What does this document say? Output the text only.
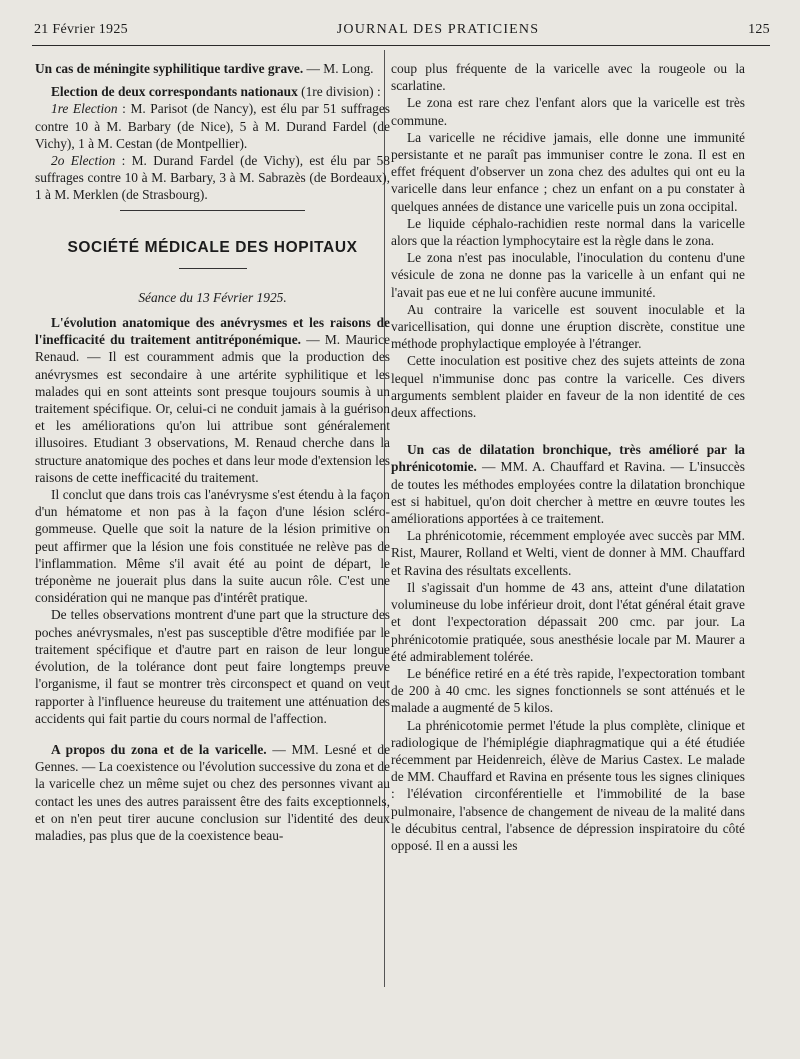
21 Février 1925	JOURNAL DES PRATICIENS	125

Un cas de méningite syphilitique tardive grave. — M. Long.

Election de deux correspondants nationaux (1re division) :

1re Election : M. Parisot (de Nancy), est élu par 51 suffrages contre 10 à M. Barbary (de Nice), 5 à M. Durand Fardel (de Vichy), 1 à M. Cestan (de Montpellier).

2o Election : M. Durand Fardel (de Vichy), est élu par 58 suffrages contre 10 à M. Barbary, 3 à M. Sabrazès (de Bordeaux), 1 à M. Merklen (de Strasbourg).

SOCIÉTÉ MÉDICALE DES HOPITAUX
Séance du 13 Février 1925.

L'évolution anatomique des anévrysmes et les raisons de l'inefficacité du traitement antitréponémique. — M. Maurice Renaud. — Il est couramment admis que la production des anévrysmes est secondaire à une artérite syphilitique et les malades qui en sont atteints sont presque toujours soumis à un traitement spécifique. Or, celui-ci ne conduit jamais à la guérison et les améliorations qu'on lui attribue sont généralement illusoires. Etudiant 3 observations, M. Renaud cherche dans la structure anatomique des poches et dans leur mode d'extension les raisons de cette inefficacité du traitement.

Il conclut que dans trois cas l'anévrysme s'est étendu à la façon d'un hématome et non pas à la façon d'une lésion scléro-gommeuse. Quelle que soit la nature de la lésion primitive on peut affirmer que la lésion une fois constituée ne relève pas de l'inflammation. Même s'il avait été au point de départ, le tréponème ne jouerait plus dans la suite aucun rôle. C'est une considération qui ne manque pas d'intérêt pratique.

De telles observations montrent d'une part que la structure des poches anévrysmales, n'est pas susceptible d'être modifiée par le traitement spécifique et d'autre part en raison de leur longue évolution, de la tolérance dont peut faire longtemps preuve l'organisme, il faut se montrer très circonspect et quand on veut rapporter à l'influence heureuse du traitement une atténuation des accidents qui fait partie du cours normal de l'affection.

A propos du zona et de la varicelle. — MM. Lesné et de Gennes. — La coexistence ou l'évolution successive du zona et de la varicelle chez un même sujet ou chez des personnes vivant au contact les unes des autres paraissent être des faits exceptionnels, et on n'en peut tirer aucune conclusion sur l'identité des deux maladies, pas plus que de la coexistence beau-

coup plus fréquente de la varicelle avec la rougeole ou la scarlatine.

Le zona est rare chez l'enfant alors que la varicelle est très commune.

La varicelle ne récidive jamais, elle donne une immunité persistante et ne paraît pas immuniser contre le zona. Il est en effet fréquent d'observer un zona chez des adultes qui ont eu la varicelle dans leur enfance ; chez un enfant on a pu constater à quelques années de distance une varicelle puis un zona occipital.

Le liquide céphalo-rachidien reste normal dans la varicelle alors que la réaction lymphocytaire est la règle dans le zona.

Le zona n'est pas inoculable, l'inoculation du contenu d'une vésicule de zona ne donne pas la varicelle à un enfant qui ne l'avait pas eue et ne lui confère aucune immunité.

Au contraire la varicelle est souvent inoculable et la varicellisation, qui donne une éruption discrète, constitue une méthode prophylactique employée à l'étranger.

Cette inoculation est positive chez des sujets atteints de zona lequel n'immunise donc pas contre la varicelle. Ces divers arguments semblent plaider en faveur de la non identité de ces deux affections.

Un cas de dilatation bronchique, très amélioré par la phrénicotomie. — MM. A. Chauffard et Ravina. — L'insuccès de toutes les méthodes employées contre la dilatation bronchique est si habituel, qu'on doit chercher à mettre en œuvre toutes les améliorations apportées à ce traitement.

La phrénicotomie, récemment employée avec succès par MM. Rist, Maurer, Rolland et Welti, vient de donner à MM. Chauffard et Ravina des résultats excellents.

Il s'agissait d'un homme de 43 ans, atteint d'une dilatation volumineuse du lobe inférieur droit, dont l'état général était grave et dont l'expectoration dépassait 200 cmc. par jour. La phrénicotomie pratiquée, sous anesthésie locale par M. Maurer a été admirablement tolérée.

Le bénéfice retiré en a été très rapide, l'expectoration tombant de 200 à 40 cmc. les signes fonctionnels se sont atténués et le malade a augmenté de 5 kilos.

La phrénicotomie permet l'étude la plus complète, clinique et radiologique de l'hémiplégie diaphragmatique qui a été étudiée récemment par Heidenreich, élève de Marius Castex. Le malade de MM. Chauffard et Ravina en présente tous les signes cliniques : l'élévation circonférentielle et l'immobilité de la base pulmonaire, l'absence de changement de niveau de la malité dans le décubitus central, l'absence de dépression inspiratoire du côté opposé. Il en a aussi les
